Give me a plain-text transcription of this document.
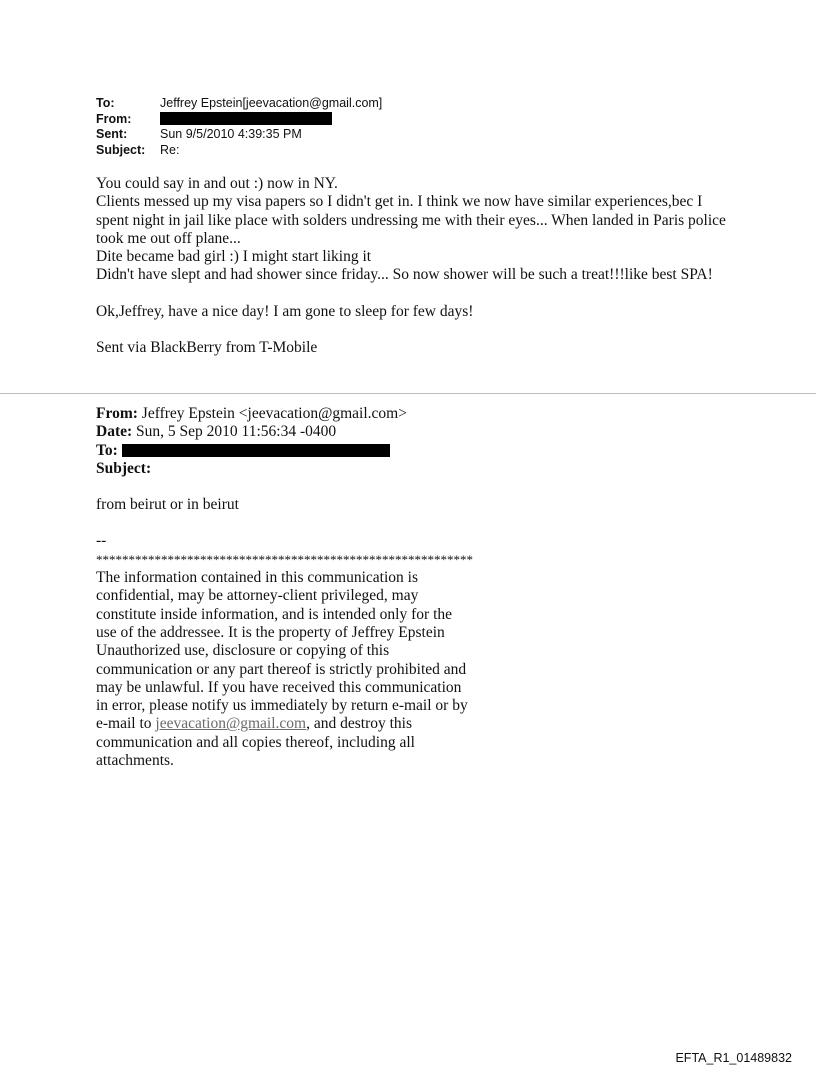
To:	Jeffrey Epstein[jeevacation@gmail.com]
From:
Sent:	Sun 9/5/2010 4:39:35 PM
Subject:	Re:

You could say in and out :) now in NY.

Clients messed up my visa papers so I didn't get in. I think we now have similar experiences,bec I spent night in jail like place with solders undressing me with their eyes... When landed in Paris police took me out off plane...

Dite became bad girl :) I might start liking it

Didn't have slept and had shower since friday... So now shower will be such a treat!!!like best SPA!

Ok,Jeffrey, have a nice day! I am gone to sleep for few days!

Sent via BlackBerry from T-Mobile

From: Jeffrey Epstein <jeevacation@gmail.com>
Date: Sun, 5 Sep 2010 11:56:34 -0400
To:
Subject:

from beirut or in beirut

--

**********************************************************

The information contained in this communication is confidential, may be attorney-client privileged, may constitute inside information, and is intended only for the use of the addressee. It is the property of Jeffrey Epstein Unauthorized use, disclosure or copying of this communication or any part thereof is strictly prohibited and may be unlawful. If you have received this communication in error, please notify us immediately by return e-mail or by e-mail to jeevacation@gmail.com, and destroy this communication and all copies thereof, including all attachments.

EFTA_R1_01489832
